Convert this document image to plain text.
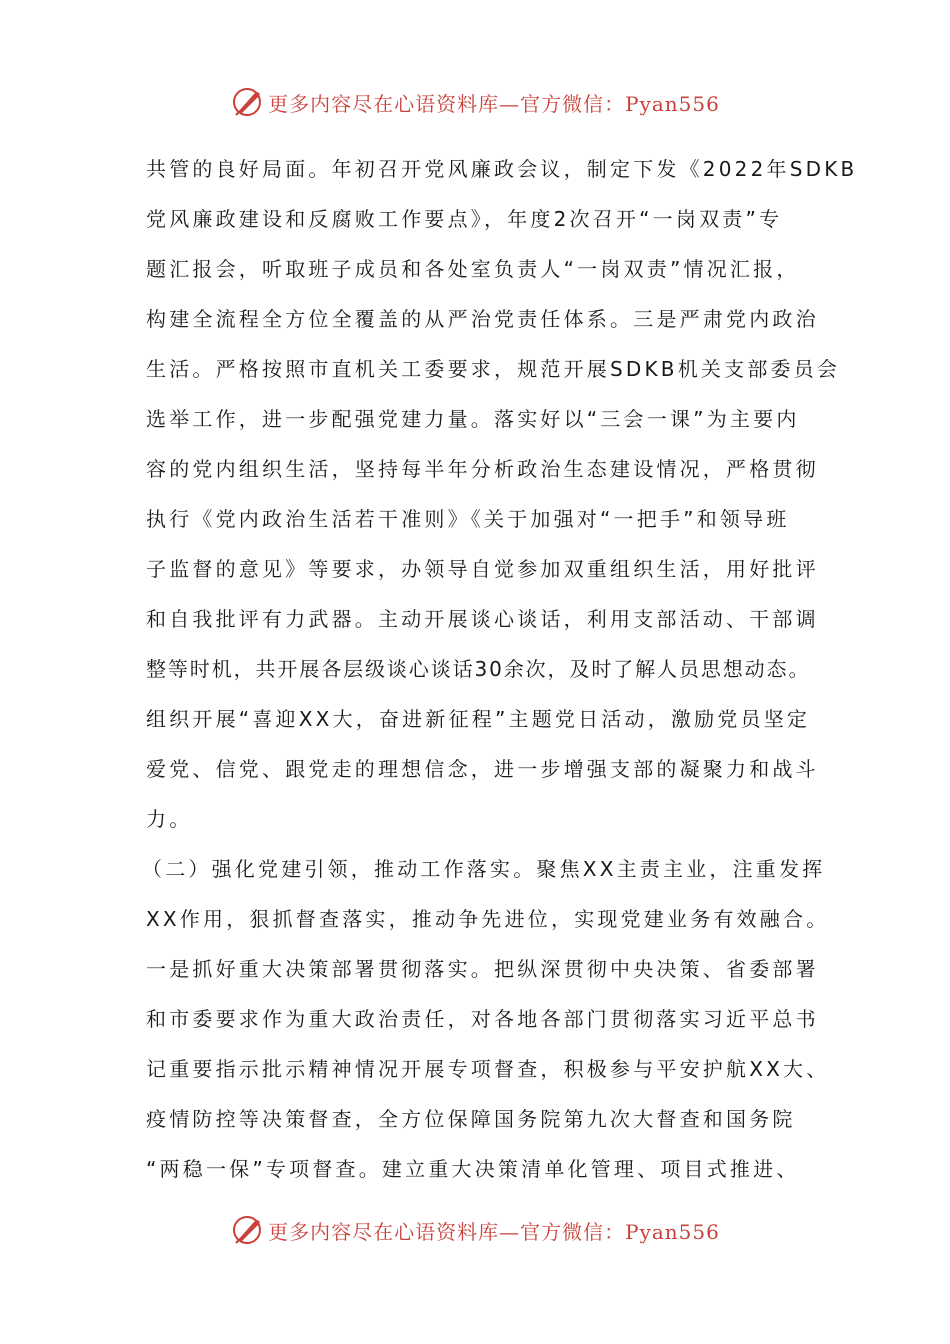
更多内容尽在心语资料库—官方微信：Pyan556
共管的良好局面。年初召开党风廉政会议，制定下发《2022年SDKB
党风廉政建设和反腐败工作要点》，年度2次召开“一岗双责”专
题汇报会，听取班子成员和各处室负责人“一岗双责”情况汇报，
构建全流程全方位全覆盖的从严治党责任体系。三是严肃党内政治
生活。严格按照市直机关工委要求，规范开展SDKB机关支部委员会
选举工作，进一步配强党建力量。落实好以“三会一课”为主要内
容的党内组织生活，坚持每半年分析政治生态建设情况，严格贯彻
执行《党内政治生活若干准则》《关于加强对“一把手”和领导班
子监督的意见》等要求，办领导自觉参加双重组织生活，用好批评
和自我批评有力武器。主动开展谈心谈话，利用支部活动、干部调
整等时机，共开展各层级谈心谈话30余次，及时了解人员思想动态。
组织开展“喜迎XX大，奋进新征程”主题党日活动，激励党员坚定
爱党、信党、跟党走的理想信念，进一步增强支部的凝聚力和战斗
力。
（二）强化党建引领，推动工作落实。聚焦XX主责主业，注重发挥
XX作用，狠抓督查落实，推动争先进位，实现党建业务有效融合。
一是抓好重大决策部署贯彻落实。把纵深贯彻中央决策、省委部署
和市委要求作为重大政治责任，对各地各部门贯彻落实习近平总书
记重要指示批示精神情况开展专项督查，积极参与平安护航XX大、
疫情防控等决策督查，全方位保障国务院第九次大督查和国务院
“两稳一保”专项督查。建立重大决策清单化管理、项目式推进、
更多内容尽在心语资料库—官方微信：Pyan556
